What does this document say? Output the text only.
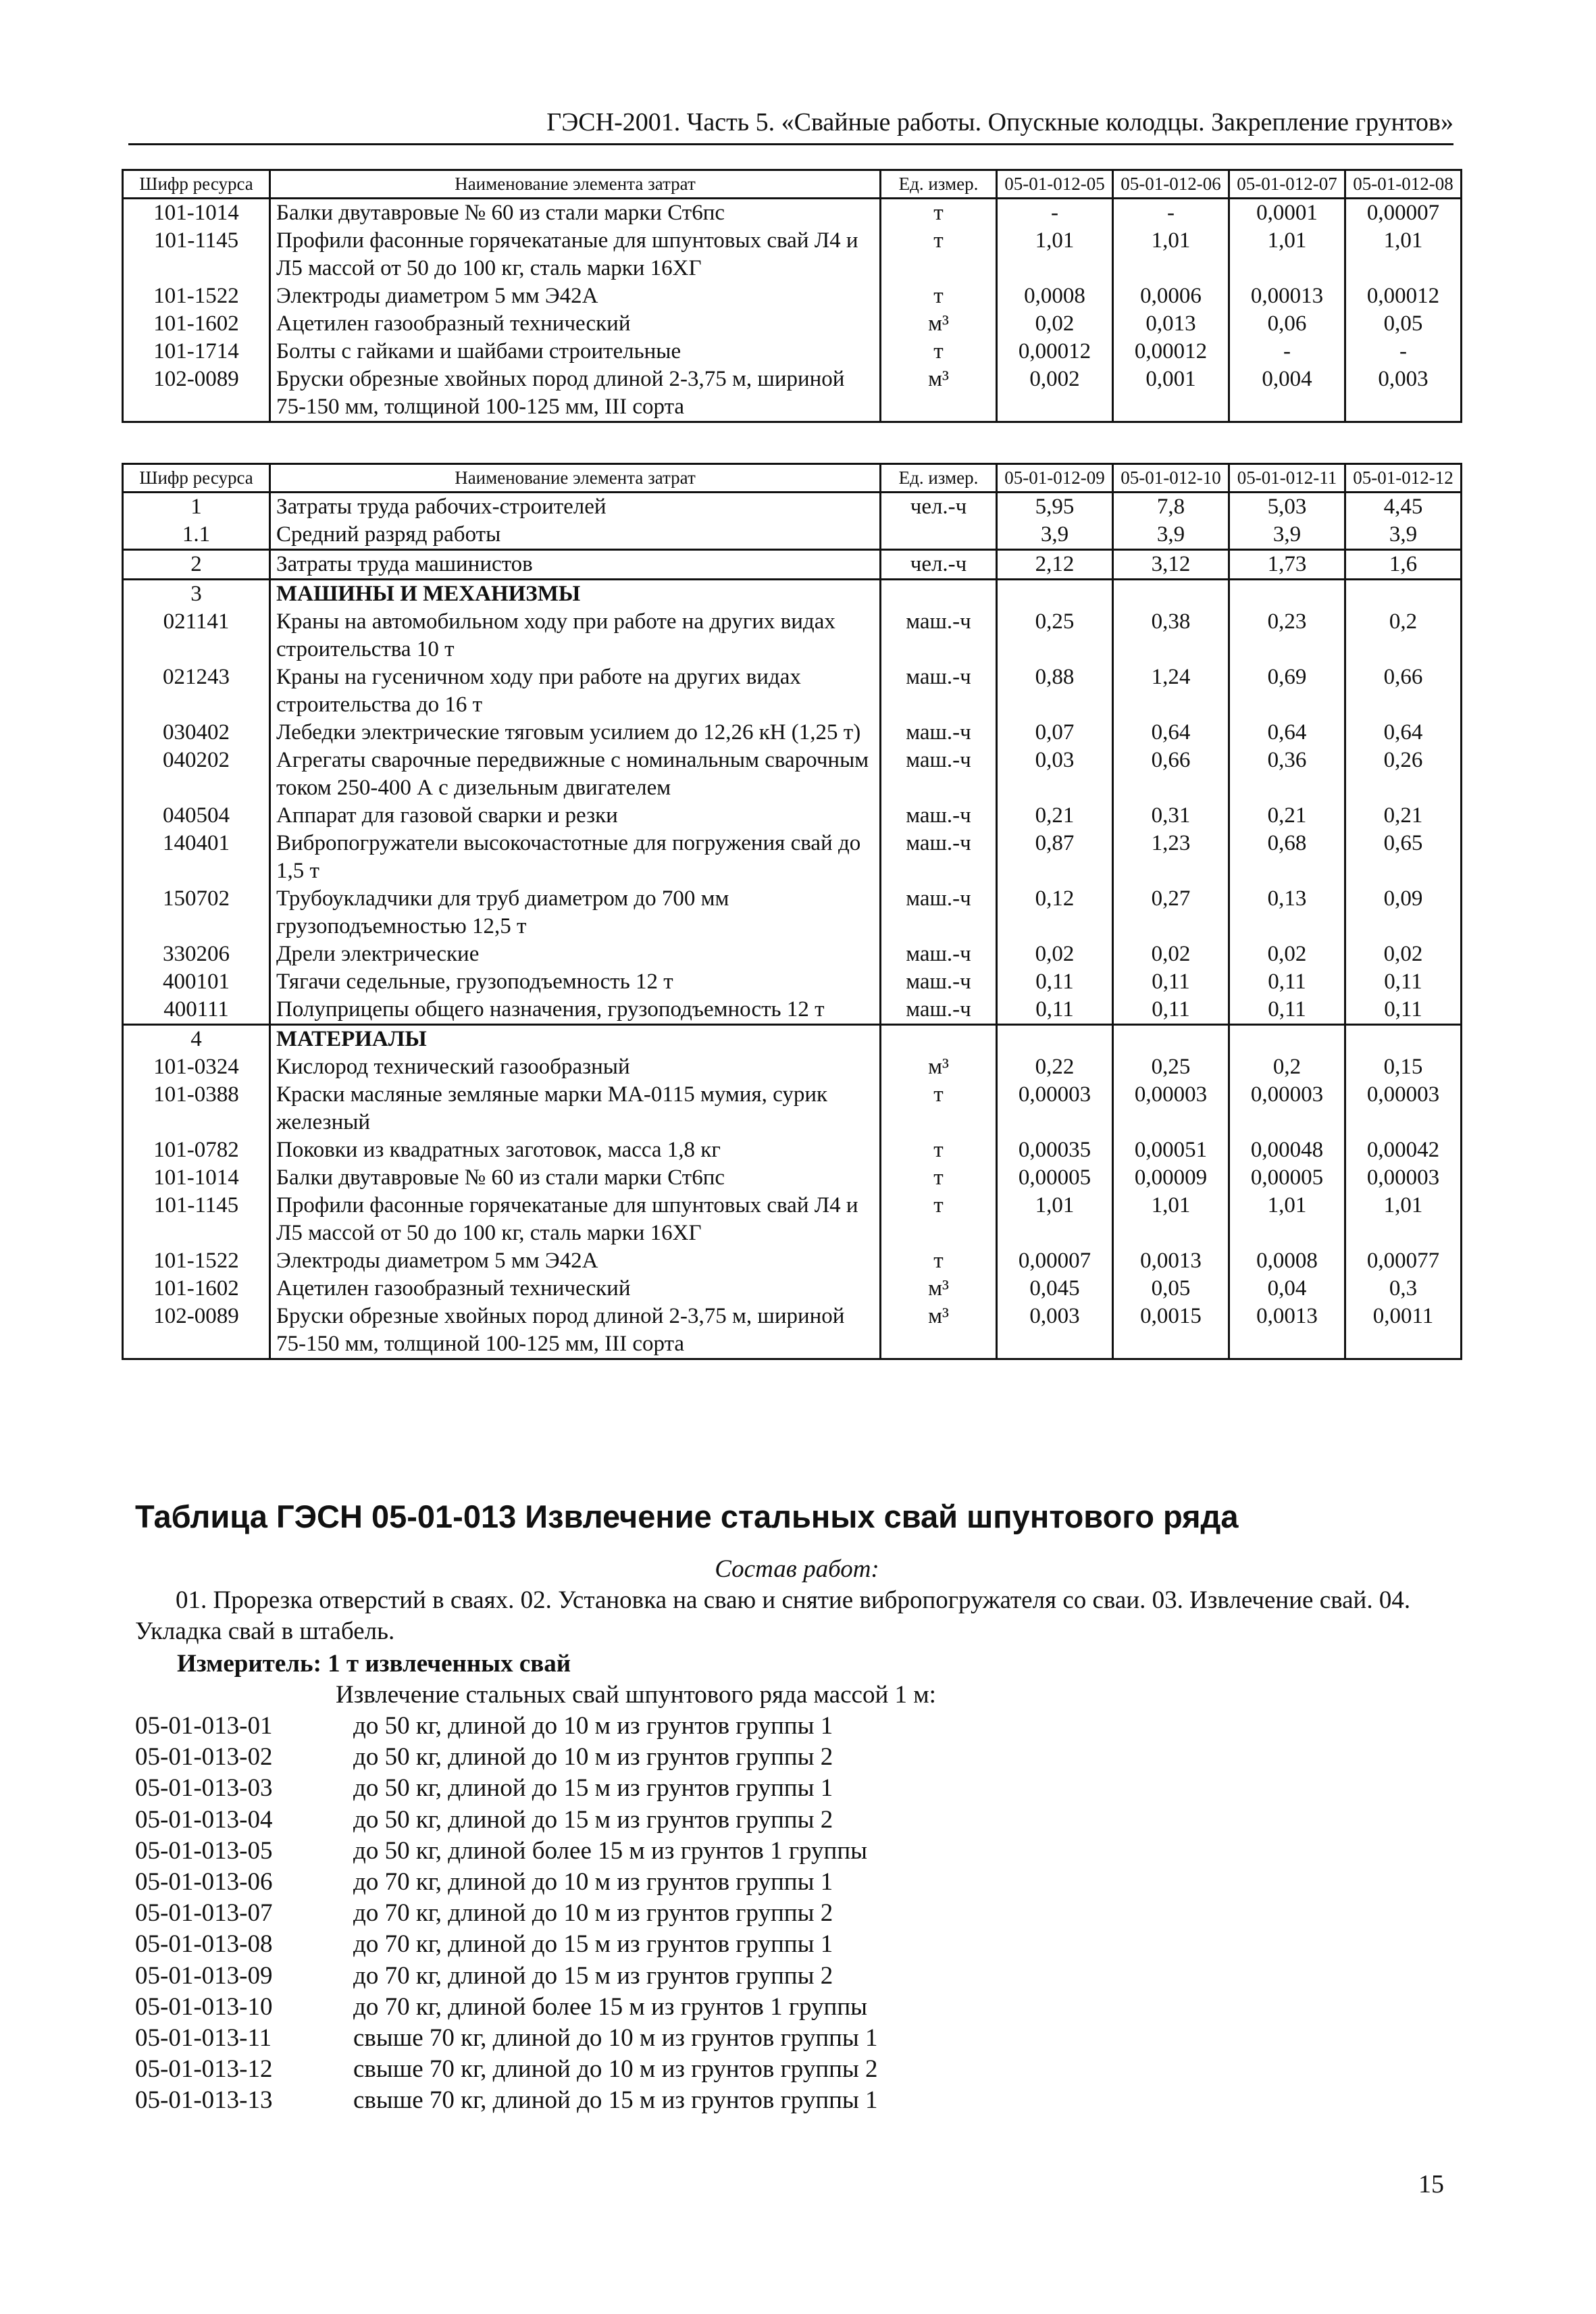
ГЭСН-2001. Часть 5. «Свайные работы. Опускные колодцы. Закрепление грунтов»
Шифр ресурса	Наименование элемента затрат	Ед. измер.	05-01-012-05	05-01-012-06	05-01-012-07	05-01-012-08
101-1014	Балки двутавровые № 60 из стали марки Ст6пс	т	-	-	0,0001	0,00007
101-1145	Профили фасонные горячекатаные для шпунтовых свай Л4 и Л5 массой от 50 до 100 кг, сталь марки 16ХГ	т	1,01	1,01	1,01	1,01
101-1522	Электроды диаметром 5 мм Э42А	т	0,0008	0,0006	0,00013	0,00012
101-1602	Ацетилен газообразный технический	м³	0,02	0,013	0,06	0,05
101-1714	Болты с гайками и шайбами строительные	т	0,00012	0,00012	-	-
102-0089	Бруски обрезные хвойных пород длиной 2-3,75 м, шириной 75-150 мм, толщиной 100-125 мм, III сорта	м³	0,002	0,001	0,004	0,003
Шифр ресурса	Наименование элемента затрат	Ед. измер.	05-01-012-09	05-01-012-10	05-01-012-11	05-01-012-12
1	Затраты труда рабочих-строителей	чел.-ч	5,95	7,8	5,03	4,45
1.1	Средний разряд работы		3,9	3,9	3,9	3,9
2	Затраты труда машинистов	чел.-ч	2,12	3,12	1,73	1,6
3	МАШИНЫ И МЕХАНИЗМЫ					
021141	Краны на автомобильном ходу при работе на других видах строительства 10 т	маш.-ч	0,25	0,38	0,23	0,2
021243	Краны на гусеничном ходу при работе на других видах строительства до 16 т	маш.-ч	0,88	1,24	0,69	0,66
030402	Лебедки электрические тяговым усилием до 12,26 кН (1,25 т)	маш.-ч	0,07	0,64	0,64	0,64
040202	Агрегаты сварочные передвижные с номинальным сварочным током 250-400 А с дизельным двигателем	маш.-ч	0,03	0,66	0,36	0,26
040504	Аппарат для газовой сварки и резки	маш.-ч	0,21	0,31	0,21	0,21
140401	Вибропогружатели высокочастотные для погружения свай до 1,5 т	маш.-ч	0,87	1,23	0,68	0,65
150702	Трубоукладчики для труб диаметром до 700 мм грузоподъемностью 12,5 т	маш.-ч	0,12	0,27	0,13	0,09
330206	Дрели электрические	маш.-ч	0,02	0,02	0,02	0,02
400101	Тягачи седельные, грузоподъемность 12 т	маш.-ч	0,11	0,11	0,11	0,11
400111	Полуприцепы общего назначения, грузоподъемность 12 т	маш.-ч	0,11	0,11	0,11	0,11
4	МАТЕРИАЛЫ					
101-0324	Кислород технический газообразный	м³	0,22	0,25	0,2	0,15
101-0388	Краски масляные земляные марки МА-0115 мумия, сурик железный	т	0,00003	0,00003	0,00003	0,00003
101-0782	Поковки из квадратных заготовок, масса 1,8 кг	т	0,00035	0,00051	0,00048	0,00042
101-1014	Балки двутавровые № 60 из стали марки Ст6пс	т	0,00005	0,00009	0,00005	0,00003
101-1145	Профили фасонные горячекатаные для шпунтовых свай Л4 и Л5 массой от 50 до 100 кг, сталь марки 16ХГ	т	1,01	1,01	1,01	1,01
101-1522	Электроды диаметром 5 мм Э42А	т	0,00007	0,0013	0,0008	0,00077
101-1602	Ацетилен газообразный технический	м³	0,045	0,05	0,04	0,3
102-0089	Бруски обрезные хвойных пород длиной 2-3,75 м, шириной 75-150 мм, толщиной 100-125 мм, III сорта	м³	0,003	0,0015	0,0013	0,0011
Таблица ГЭСН 05-01-013 Извлечение стальных свай шпунтового ряда
Состав работ:
01. Прорезка отверстий в сваях. 02. Установка на сваю и снятие вибропогружателя со сваи. 03. Извлечение свай. 04. Укладка свай в штабель.
Измеритель: 1 т извлеченных свай
Извлечение стальных свай шпунтового ряда массой 1 м:
05-01-013-01	до 50 кг, длиной до 10 м из грунтов группы 1
05-01-013-02	до 50 кг, длиной до 10 м из грунтов группы 2
05-01-013-03	до 50 кг, длиной до 15 м из грунтов группы 1
05-01-013-04	до 50 кг, длиной до 15 м из грунтов группы 2
05-01-013-05	до 50 кг, длиной более 15 м из грунтов 1 группы
05-01-013-06	до 70 кг, длиной до 10 м из грунтов группы 1
05-01-013-07	до 70 кг, длиной до 10 м из грунтов группы 2
05-01-013-08	до 70 кг, длиной до 15 м из грунтов группы 1
05-01-013-09	до 70 кг, длиной до 15 м из грунтов группы 2
05-01-013-10	до 70 кг, длиной более 15 м из грунтов 1 группы
05-01-013-11	свыше 70 кг, длиной до 10 м из грунтов группы 1
05-01-013-12	свыше 70 кг, длиной до 10 м из грунтов группы 2
05-01-013-13	свыше 70 кг, длиной до 15 м из грунтов группы 1
15
